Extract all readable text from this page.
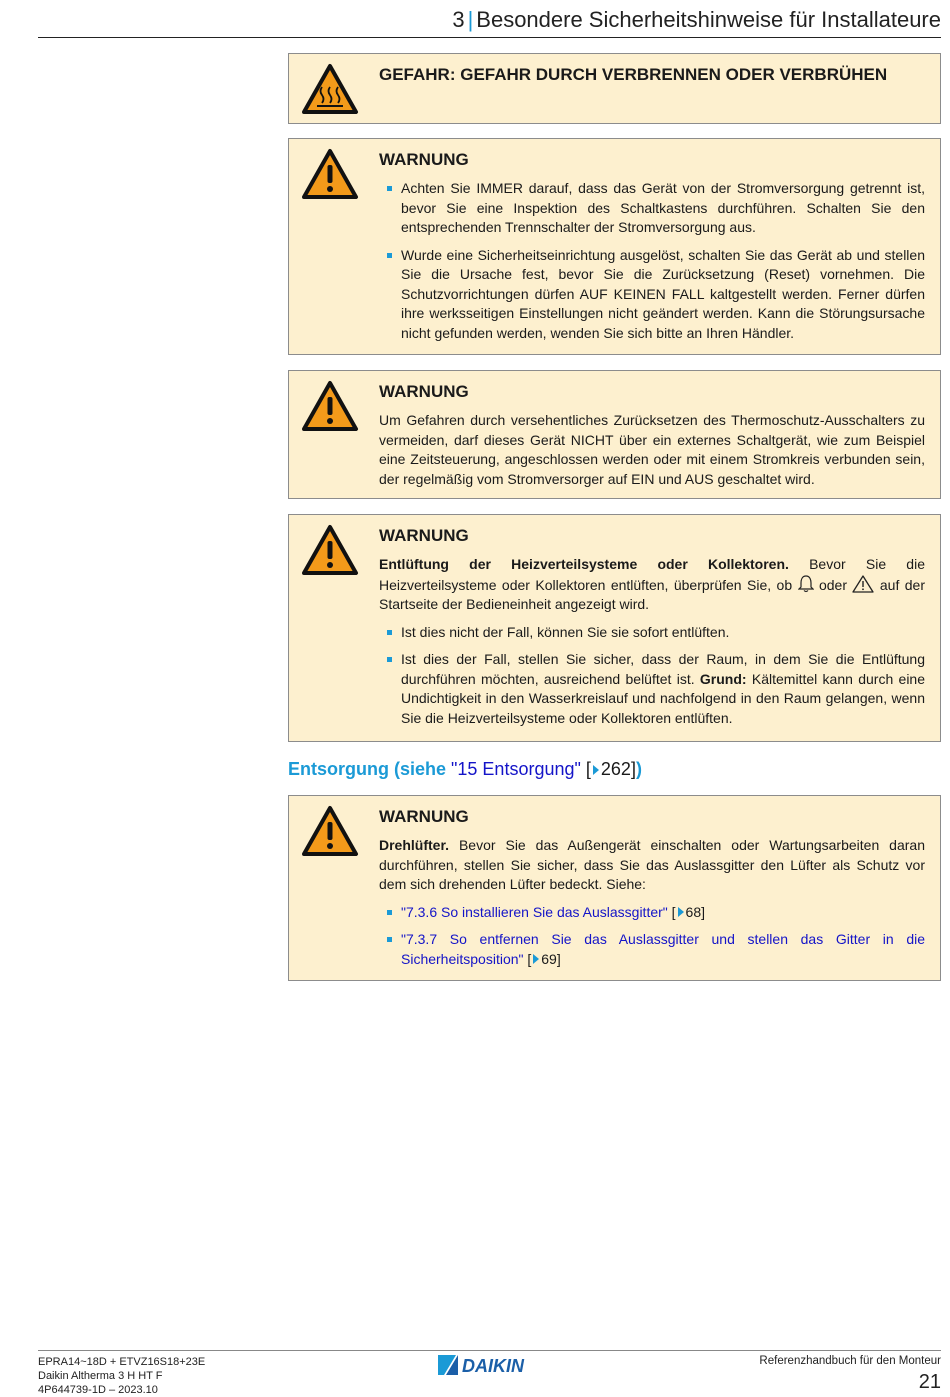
3 | Besondere Sicherheitshinweise für Installateure
GEFAHR: GEFAHR DURCH VERBRENNEN ODER VERBRÜHEN
WARNUNG
Achten Sie IMMER darauf, dass das Gerät von der Stromversorgung getrennt ist, bevor Sie eine Inspektion des Schaltkastens durchführen. Schalten Sie den entsprechenden Trennschalter der Stromversorgung aus.
Wurde eine Sicherheitseinrichtung ausgelöst, schalten Sie das Gerät ab und stellen Sie die Ursache fest, bevor Sie die Zurücksetzung (Reset) vornehmen. Die Schutzvorrichtungen dürfen AUF KEINEN FALL kaltgestellt werden. Ferner dürfen ihre werksseitigen Einstellungen nicht geändert werden. Kann die Störungsursache nicht gefunden werden, wenden Sie sich bitte an Ihren Händler.
WARNUNG

Um Gefahren durch versehentliches Zurücksetzen des Thermoschutz-Ausschalters zu vermeiden, darf dieses Gerät NICHT über ein externes Schaltgerät, wie zum Beispiel eine Zeitsteuerung, angeschlossen werden oder mit einem Stromkreis verbunden sein, der regelmäßig vom Stromversorger auf EIN und AUS geschaltet wird.

WARNUNG

Entlüftung der Heizverteilsysteme oder Kollektoren. Bevor Sie die Heizverteilsysteme oder Kollektoren entlüften, überprüfen Sie, ob  oder  auf der Startseite der Bedieneinheit angezeigt wird.

Ist dies nicht der Fall, können Sie sie sofort entlüften.
Ist dies der Fall, stellen Sie sicher, dass der Raum, in dem Sie die Entlüftung durchführen möchten, ausreichend belüftet ist. Grund: Kältemittel kann durch eine Undichtigkeit in den Wasserkreislauf und nachfolgend in den Raum gelangen, wenn Sie die Heizverteilsysteme oder Kollektoren entlüften.
Entsorgung (siehe "15 Entsorgung" [ 262])
WARNUNG

Drehlüfter. Bevor Sie das Außengerät einschalten oder Wartungsarbeiten daran durchführen, stellen Sie sicher, dass Sie das Auslassgitter den Lüfter als Schutz vor dem sich drehenden Lüfter bedeckt. Siehe:

"7.3.6 So installieren Sie das Auslassgitter" [ 68]
"7.3.7 So entfernen Sie das Auslassgitter und stellen das Gitter in die Sicherheitsposition" [ 69]
EPRA14~18D + ETVZ16S18+23E
Daikin Altherma 3 H HT F
4P644739-1D – 2023.10
DAIKIN	Referenzhandbuch für den Monteur
21
